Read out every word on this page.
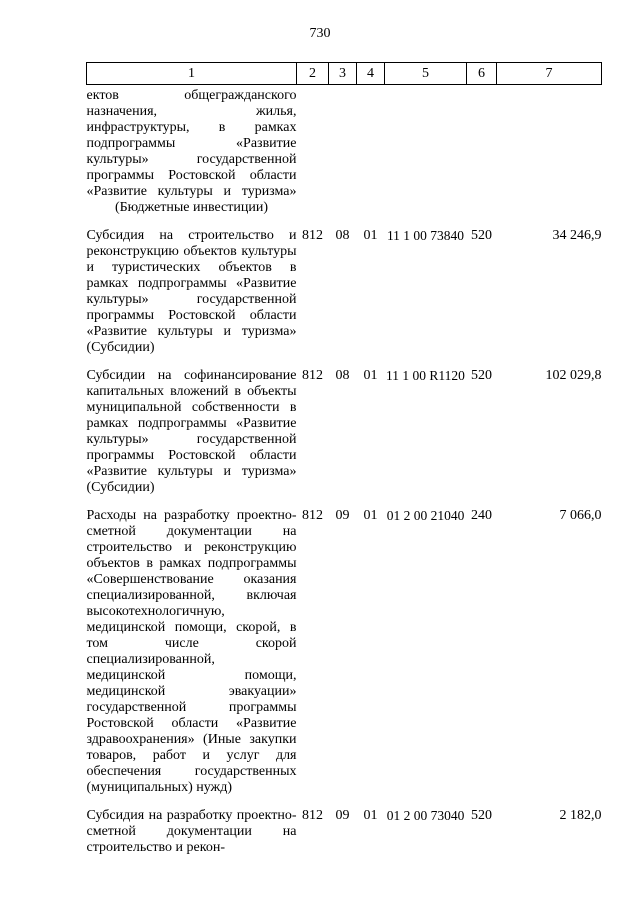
730
1	2	3	4	5	6	7
ектов общегражданского назначения, жилья, инфраструктуры, в рамках подпрограммы «Развитие культуры» государственной программы Ростовской области «Развитие культуры и туризма» (Бюджетные инвестиции)						
Субсидия на строительство и реконструкцию объектов культуры и туристических объектов в рамках подпрограммы «Развитие культуры» государственной программы Ростовской области «Развитие культуры и туризма» (Субсидии)	812	08	01	11 1 00 73840	520	34 246,9
Субсидии на софинансирование капитальных вложений в объекты муниципальной собственности в рамках подпрограммы «Развитие культуры» государственной программы Ростовской области «Развитие культуры и туризма» (Субсидии)	812	08	01	11 1 00 R1120	520	102 029,8
Расходы на разработку проектно-сметной документации на строительство и реконструкцию объектов в рамках подпрограммы «Совершенствование оказания специализированной, включая высокотехнологичную, медицинской помощи, скорой, в том числе скорой специализированной, медицинской помощи, медицинской эвакуации» государственной программы Ростовской области «Развитие здравоохранения» (Иные закупки товаров, работ и услуг для обеспечения государственных (муниципальных) нужд)	812	09	01	01 2 00 21040	240	7 066,0
Субсидия на разработку проектно-сметной документации на строительство и рекон-	812	09	01	01 2 00 73040	520	2 182,0
